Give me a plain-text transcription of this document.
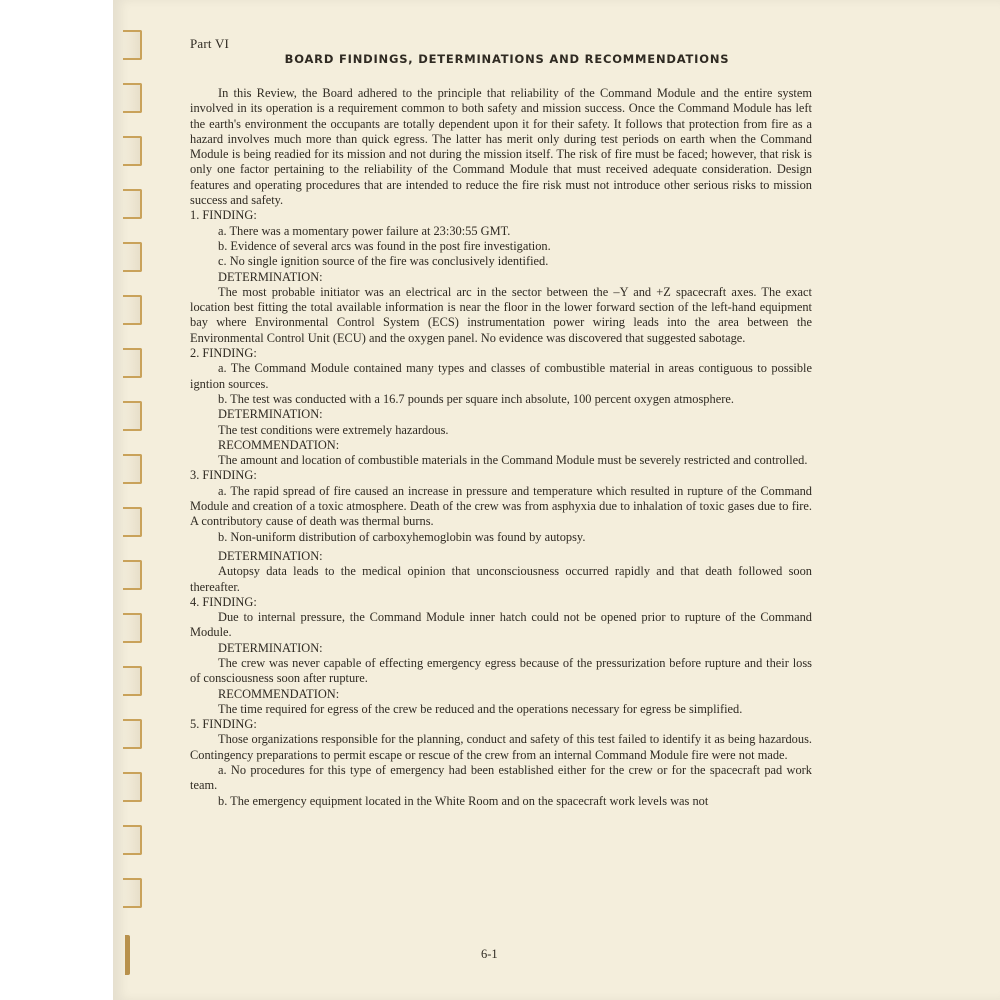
Part VI
BOARD FINDINGS, DETERMINATIONS AND RECOMMENDATIONS

In this Review, the Board adhered to the principle that reliability of the Command Module and the entire system involved in its operation is a requirement common to both safety and mission success. Once the Command Module has left the earth's environment the occupants are totally dependent upon it for their safety. It follows that protection from fire as a hazard involves much more than quick egress. The latter has merit only during test periods on earth when the Command Module is being readied for its mission and not during the mission itself. The risk of fire must be faced; however, that risk is only one factor pertaining to the reliability of the Command Module that must received adequate consideration. Design features and operating procedures that are intended to reduce the fire risk must not introduce other serious risks to mission success and safety.

1. FINDING:

a. There was a momentary power failure at 23:30:55 GMT.

b. Evidence of several arcs was found in the post fire investigation.

c. No single ignition source of the fire was conclusively identified.

DETERMINATION:

The most probable initiator was an electrical arc in the sector between the –Y and +Z spacecraft axes. The exact location best fitting the total available information is near the floor in the lower forward section of the left-hand equipment bay where Environmental Control System (ECS) instrumentation power wiring leads into the area between the Environmental Control Unit (ECU) and the oxygen panel. No evidence was discovered that suggested sabotage.

2. FINDING:

a. The Command Module contained many types and classes of combustible material in areas contiguous to possible igntion sources.

b. The test was conducted with a 16.7 pounds per square inch absolute, 100 percent oxygen atmosphere.

DETERMINATION:

The test conditions were extremely hazardous.

RECOMMENDATION:

The amount and location of combustible materials in the Command Module must be severely restricted and controlled.

3. FINDING:

a. The rapid spread of fire caused an increase in pressure and temperature which resulted in rupture of the Command Module and creation of a toxic atmosphere. Death of the crew was from asphyxia due to inhalation of toxic gases due to fire. A contributory cause of death was thermal burns.

b. Non-uniform distribution of carboxyhemoglobin was found by autopsy.

DETERMINATION:

Autopsy data leads to the medical opinion that unconsciousness occurred rapidly and that death followed soon thereafter.

4. FINDING:

Due to internal pressure, the Command Module inner hatch could not be opened prior to rupture of the Command Module.

DETERMINATION:

The crew was never capable of effecting emergency egress because of the pressurization before rupture and their loss of consciousness soon after rupture.

RECOMMENDATION:

The time required for egress of the crew be reduced and the operations necessary for egress be simplified.

5. FINDING:

Those organizations responsible for the planning, conduct and safety of this test failed to identify it as being hazardous. Contingency preparations to permit escape or rescue of the crew from an internal Command Module fire were not made.

a. No procedures for this type of emergency had been established either for the crew or for the spacecraft pad work team.

b. The emergency equipment located in the White Room and on the spacecraft work levels was not

6-1
